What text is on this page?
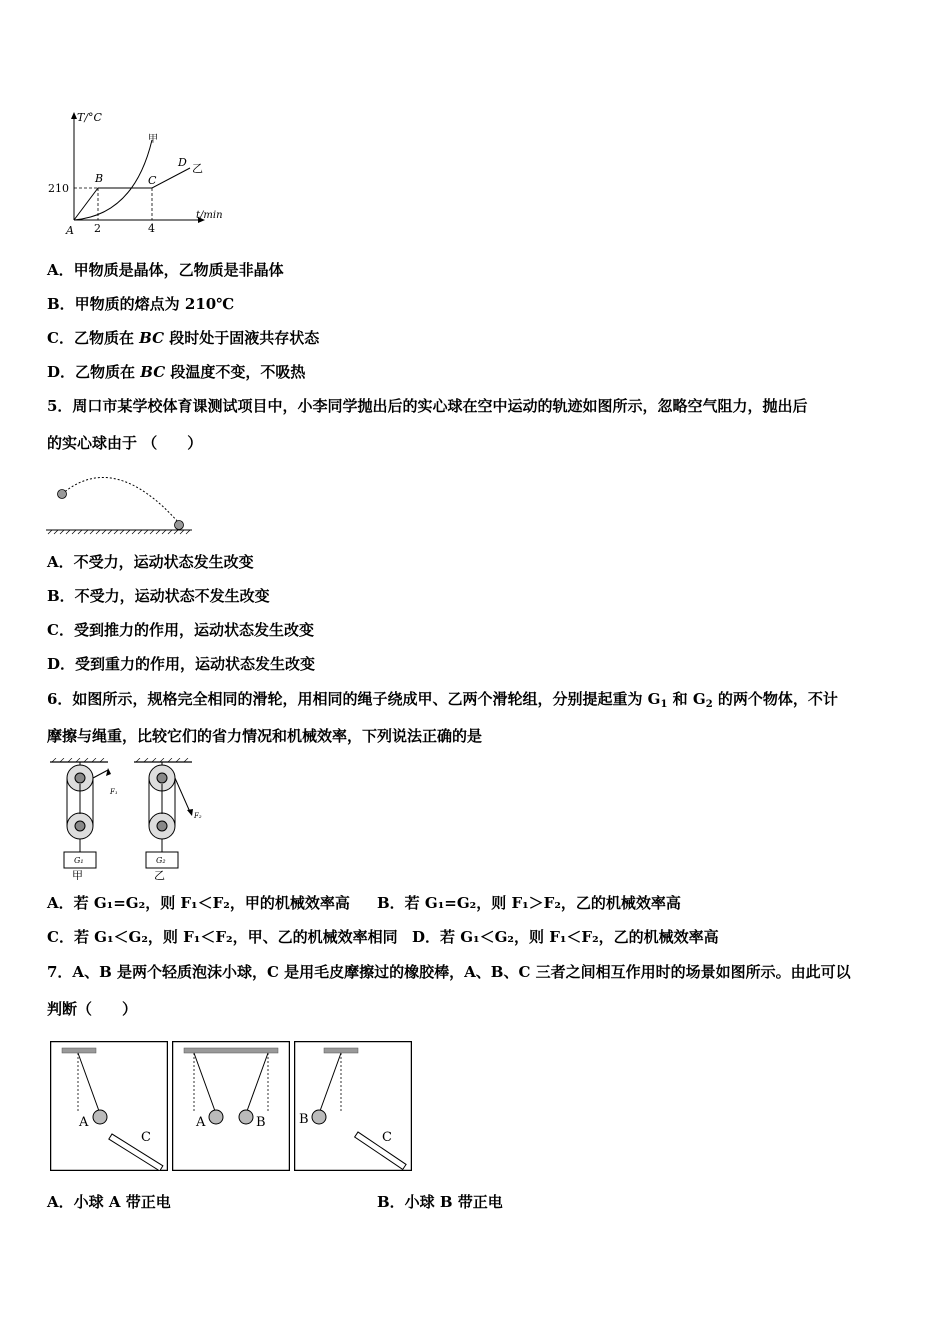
T/°C
t/min
210
2	4
A
B	C
D
甲
乙
A．甲物质是晶体，乙物质是非晶体
B．甲物质的熔点为 210℃
C．乙物质在 BC 段时处于固液共存状态
D．乙物质在 BC 段温度不变，不吸热
5．周口市某学校体育课测试项目中，小李同学抛出后的实心球在空中运动的轨迹如图所示，忽略空气阻力，抛出后
的实心球由于 （　　）
A．不受力，运动状态发生改变
B．不受力，运动状态不发生改变
C．受到推力的作用，运动状态发生改变
D．受到重力的作用，运动状态发生改变
6．如图所示，规格完全相同的滑轮，用相同的绳子绕成甲、乙两个滑轮组，分别提起重为 $G_1$ 和 $G_2$ 的两个物体，不计
摩擦与绳重，比较它们的省力情况和机械效率，下列说法正确的是
F₁
G₁
甲
F₂
G₂
乙
A．若 G₁=G₂，则 F₁＜F₂，甲的机械效率高 B．若 G₁=G₂，则 F₁＞F₂，乙的机械效率高
C．若 G₁＜G₂，则 F₁＜F₂，甲、乙的机械效率相同 D．若 G₁＜G₂，则 F₁＜F₂，乙的机械效率高
7．A、B 是两个轻质泡沫小球，C 是用毛皮摩擦过的橡胶棒，A、B、C 三者之间相互作用时的场景如图所示。由此可以
判断（　　）
A
C
A	B	B
C
A．小球 A 带正电	B．小球 B 带正电
